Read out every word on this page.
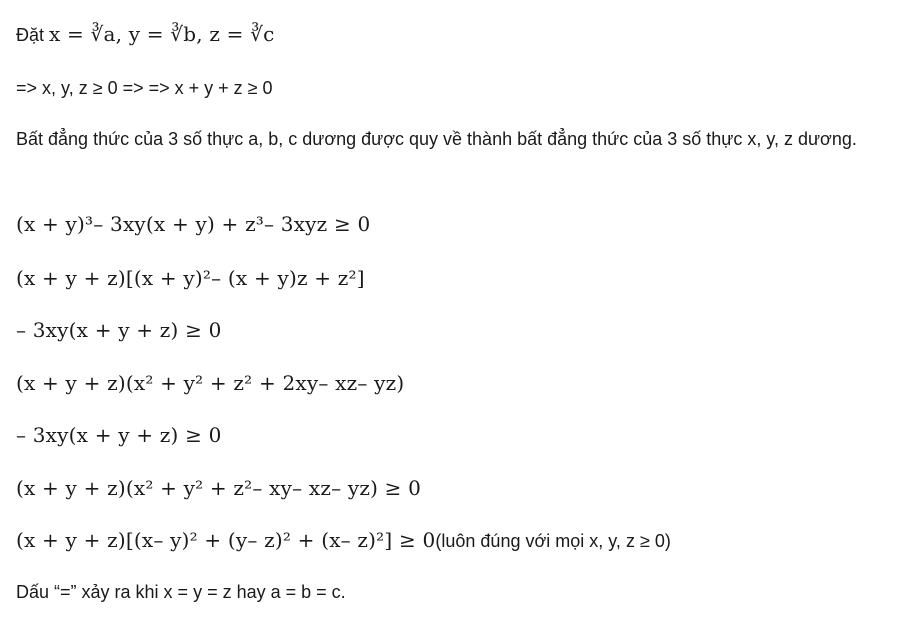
Đặt x = ∛a, y = ∛b, z = ∛c
=> x, y, z ≥ 0 => => x + y + z ≥ 0
Bất đẳng thức của 3 số thực a, b, c dương được quy về thành bất đẳng thức của 3 số thực x, y, z dương.
(x + y)³– 3xy(x + y) + z³– 3xyz ≥ 0
(x + y + z)[(x + y)²– (x + y)z + z²]
– 3xy(x + y + z) ≥ 0
(x + y + z)(x² + y² + z² + 2xy– xz– yz)
– 3xy(x + y + z) ≥ 0
(x + y + z)(x² + y² + z²– xy– xz– yz) ≥ 0
(x + y + z)[(x– y)² + (y– z)² + (x– z)²] ≥ 0(luôn đúng với mọi x, y, z ≥ 0)
Dấu “=” xảy ra khi x = y = z hay a = b = c.
